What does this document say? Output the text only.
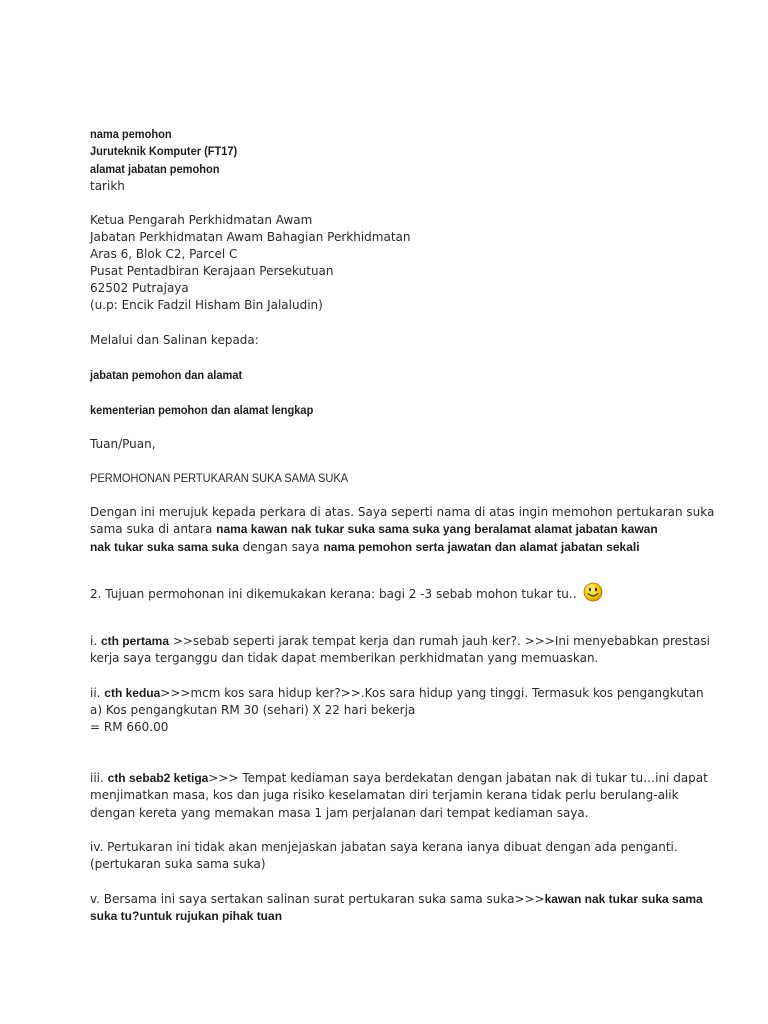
nama pemohon
Juruteknik Komputer (FT17)
alamat jabatan pemohon
tarikh
Ketua Pengarah Perkhidmatan Awam
Jabatan Perkhidmatan Awam Bahagian Perkhidmatan
Aras 6, Blok C2, Parcel C
Pusat Pentadbiran Kerajaan Persekutuan
62502 Putrajaya
(u.p: Encik Fadzil Hisham Bin Jalaludin)
Melalui dan Salinan kepada:
jabatan pemohon dan alamat
kementerian pemohon dan alamat lengkap
Tuan/Puan,
PERMOHONAN PERTUKARAN SUKA SAMA SUKA
Dengan ini merujuk kepada perkara di atas. Saya seperti nama di atas ingin memohon pertukaran suka
sama suka di antara nama kawan nak tukar suka sama suka yang beralamat alamat jabatan kawan
nak tukar suka sama suka dengan saya nama pemohon serta jawatan dan alamat jabatan sekali
2. Tujuan permohonan ini dikemukakan kerana: bagi 2 -3 sebab mohon tukar tu..
i. cth pertama >>sebab seperti jarak tempat kerja dan rumah jauh ker?. >>>Ini menyebabkan prestasi
kerja saya terganggu dan tidak dapat memberikan perkhidmatan yang memuaskan.
ii. cth kedua>>>mcm kos sara hidup ker?>>.Kos sara hidup yang tinggi. Termasuk kos pengangkutan
a) Kos pengangkutan RM 30 (sehari) X 22 hari bekerja
= RM 660.00
iii. cth sebab2 ketiga>>> Tempat kediaman saya berdekatan dengan jabatan nak di tukar tu…ini dapat
menjimatkan masa, kos dan juga risiko keselamatan diri terjamin kerana tidak perlu berulang-alik
dengan kereta yang memakan masa 1 jam perjalanan dari tempat kediaman saya.
iv. Pertukaran ini tidak akan menjejaskan jabatan saya kerana ianya dibuat dengan ada penganti.
(pertukaran suka sama suka)
v. Bersama ini saya sertakan salinan surat pertukaran suka sama suka>>>kawan nak tukar suka sama
suka tu?untuk rujukan pihak tuan
